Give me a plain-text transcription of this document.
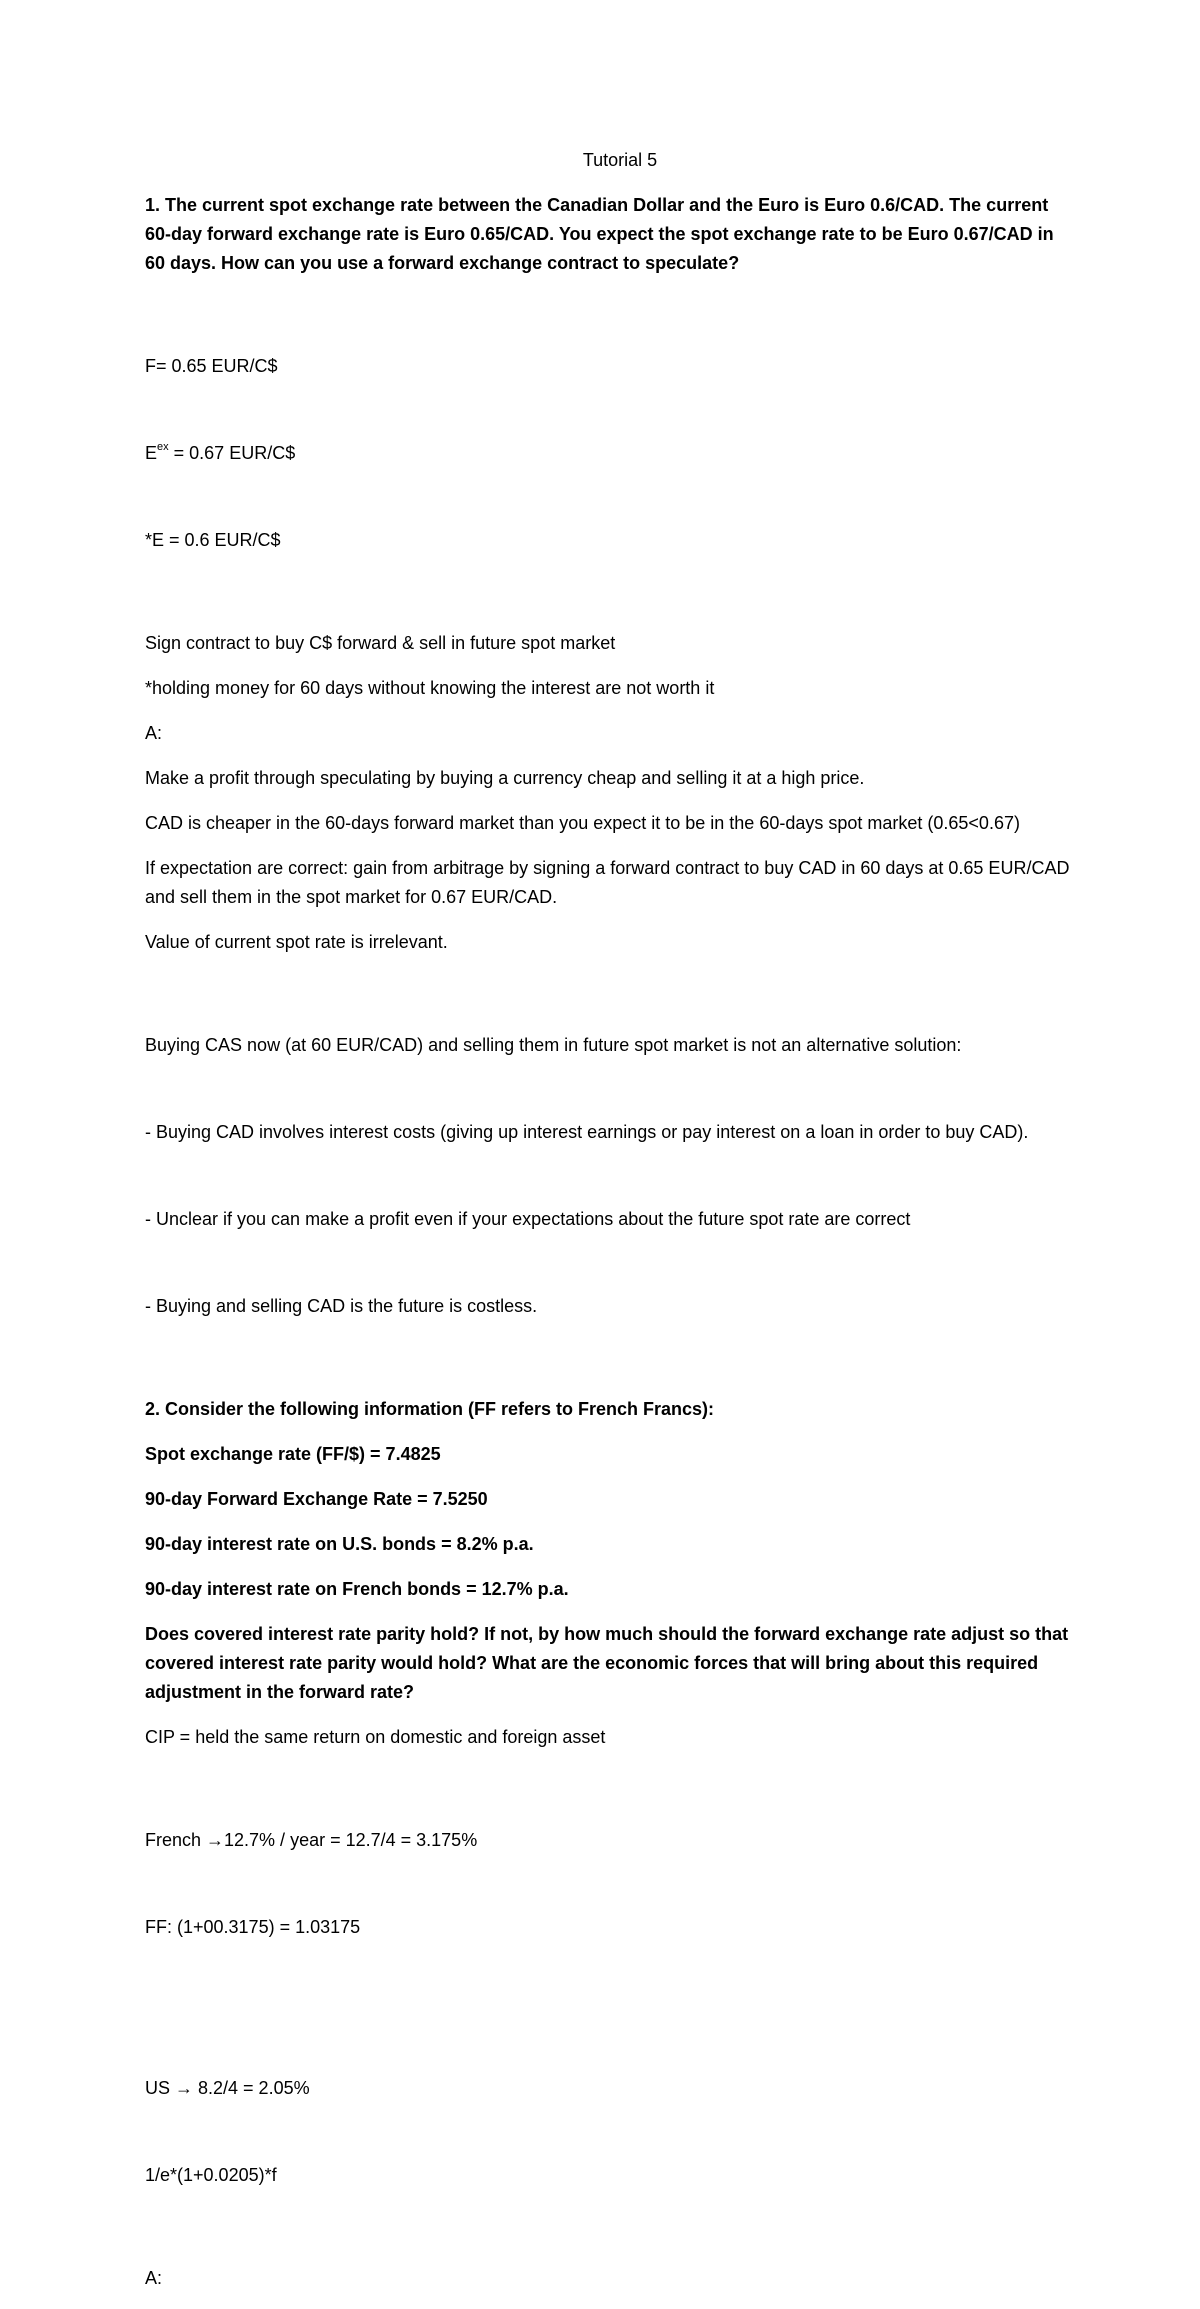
Tutorial 5
1. The current spot exchange rate between the Canadian Dollar and the Euro is Euro 0.6/CAD. The current 60-day forward exchange rate is Euro 0.65/CAD. You expect the spot exchange rate to be Euro 0.67/CAD in 60 days. How can you use a forward exchange contract to speculate?

F= 0.65 EUR/C$

$E^{ex} = 0.67$ EUR/C$

*E = 0.6 EUR/C$

Sign contract to buy C$ forward & sell in future spot market
*holding money for 60 days without knowing the interest are not worth it
A:
Make a profit through speculating by buying a currency cheap and selling it at a high price.
CAD is cheaper in the 60-days forward market than you expect it to be in the 60-days spot market (0.65<0.67)
If expectation are correct: gain from arbitrage by signing a forward contract to buy CAD in 60 days at 0.65 EUR/CAD and sell them in the spot market for 0.67 EUR/CAD.
Value of current spot rate is irrelevant.

Buying CAS now (at 60 EUR/CAD) and selling them in future spot market is not an alternative solution:

- Buying CAD involves interest costs (giving up interest earnings or pay interest on a loan in order to buy CAD).

- Unclear if you can make a profit even if your expectations about the future spot rate are correct

- Buying and selling CAD is the future is costless.

2. Consider the following information (FF refers to French Francs):
Spot exchange rate (FF/$) = 7.4825
90-day Forward Exchange Rate = 7.5250
90-day interest rate on U.S. bonds = 8.2% p.a.
90-day interest rate on French bonds = 12.7% p.a.
Does covered interest rate parity hold? If not, by how much should the forward exchange rate adjust so that covered interest rate parity would hold? What are the economic forces that will bring about this required adjustment in the forward rate?
CIP = held the same return on domestic and foreign asset

French →12.7% / year = 12.7/4 = 3.175%

FF: (1+00.3175) = 1.03175

US → 8.2/4 = 2.05%

1/e*(1+0.0205)*f

A:
